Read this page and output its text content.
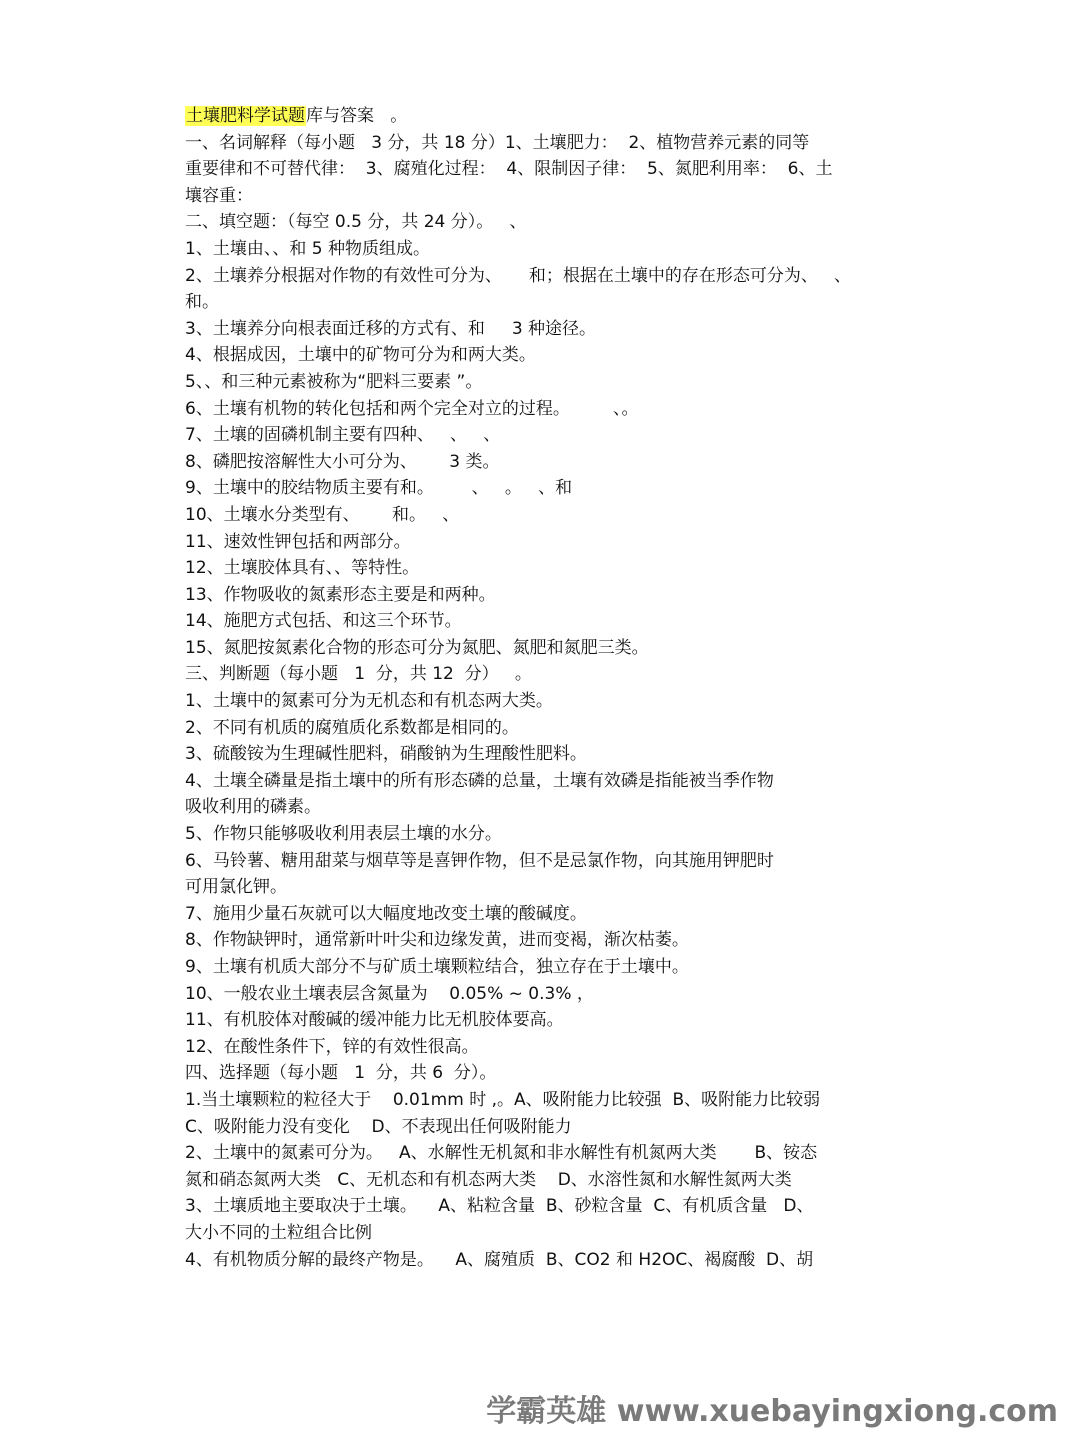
土壤肥料学试题库与答案   。
一、名词解释（每小题   3 分，共 18 分）1、土壤肥力：  2、植物营养元素的同等
重要律和不可替代律：  3、腐殖化过程：  4、限制因子律：  5、氮肥利用率：  6、土
壤容重：
二、填空题：（每空 0.5 分，共 24 分）。   、
1、土壤由、、和 5 种物质组成。
2、土壤养分根据对作物的有效性可分为、     和；根据在土壤中的存在形态可分为、   、
和。
3、土壤养分向根表面迁移的方式有、和     3 种途径。
4、根据成因，土壤中的矿物可分为和两大类。
5、、和三种元素被称为“肥料三要素 ”。
6、土壤有机物的转化包括和两个完全对立的过程。        、。
7、土壤的固磷机制主要有四种、   、   、
8、磷肥按溶解性大小可分为、      3 类。
9、土壤中的胶结物质主要有和。       、   。   、和
10、土壤水分类型有、      和。   、
11、速效性钾包括和两部分。
12、土壤胶体具有、、等特性。
13、作物吸收的氮素形态主要是和两种。
14、施肥方式包括、和这三个环节。
15、氮肥按氮素化合物的形态可分为氮肥、氮肥和氮肥三类。
三、判断题（每小题   1  分，共 12  分）   。
1、土壤中的氮素可分为无机态和有机态两大类。
2、不同有机质的腐殖质化系数都是相同的。
3、硫酸铵为生理碱性肥料，硝酸钠为生理酸性肥料。
4、土壤全磷量是指土壤中的所有形态磷的总量，土壤有效磷是指能被当季作物
吸收利用的磷素。
5、作物只能够吸收利用表层土壤的水分。
6、马铃薯、糖用甜菜与烟草等是喜钾作物，但不是忌氯作物，向其施用钾肥时
可用氯化钾。
7、施用少量石灰就可以大幅度地改变土壤的酸碱度。
8、作物缺钾时，通常新叶叶尖和边缘发黄，进而变褐，渐次枯萎。
9、土壤有机质大部分不与矿质土壤颗粒结合，独立存在于土壤中。
10、一般农业土壤表层含氮量为    0.05% ~ 0.3% ，
11、有机胶体对酸碱的缓冲能力比无机胶体要高。
12、在酸性条件下，锌的有效性很高。
四、选择题（每小题   1  分，共 6  分）。
1.当土壤颗粒的粒径大于    0.01mm 时 ,。A、吸附能力比较强  B、吸附能力比较弱
C、吸附能力没有变化    D、不表现出任何吸附能力
2、土壤中的氮素可分为。   A、水解性无机氮和非水解性有机氮两大类       B、铵态
氮和硝态氮两大类   C、无机态和有机态两大类    D、水溶性氮和水解性氮两大类
3、土壤质地主要取决于土壤。    A、粘粒含量  B、砂粒含量  C、有机质含量   D、
大小不同的土粒组合比例
4、有机物质分解的最终产物是。    A、腐殖质  B、CO2 和 H2OC、褐腐酸  D、胡
学霸英雄 www.xuebayingxiong.com
